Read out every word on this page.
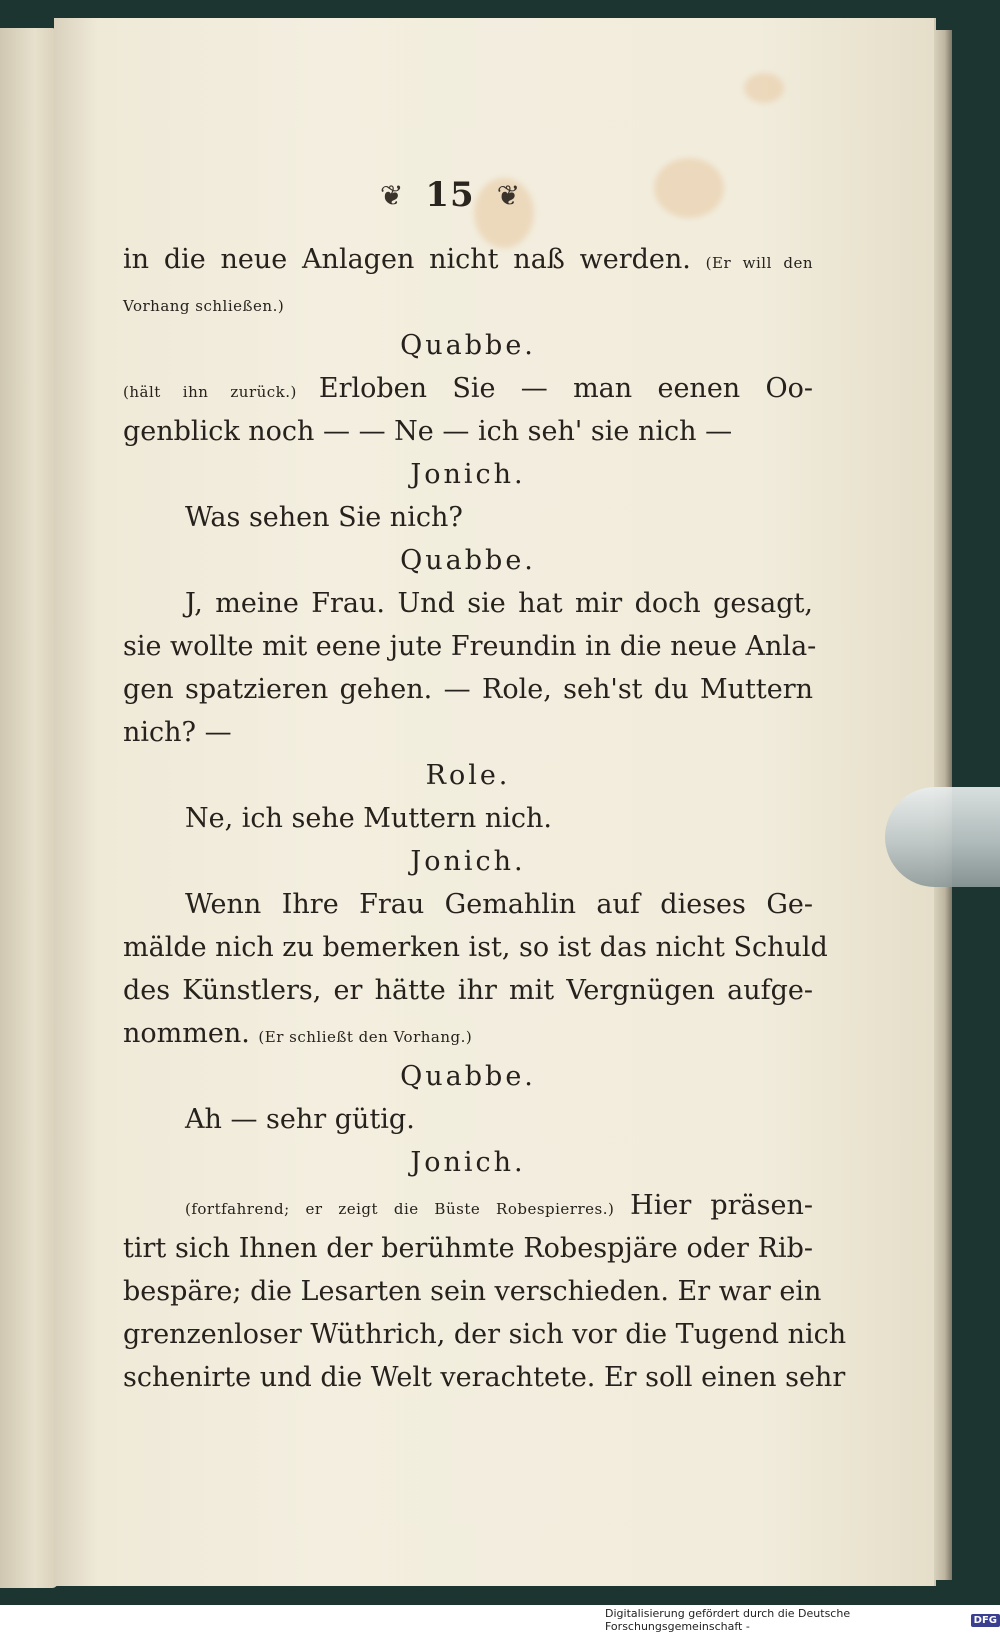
❦ 15 ❦
in die neue Anlagen nicht naß werden. (Er will den
Vorhang schließen.)
Quabbe.
(hält ihn zurück.) Erloben Sie — man eenen Oo-
genblick noch — — Ne — ich seh' sie nich —
Jonich.
Was sehen Sie nich?
Quabbe.
J, meine Frau. Und sie hat mir doch gesagt,
sie wollte mit eene jute Freundin in die neue Anla-
gen spatzieren gehen. — Role, seh'st du Muttern
nich? —
Role.
Ne, ich sehe Muttern nich.
Jonich.
Wenn Ihre Frau Gemahlin auf dieses Ge-
mälde nich zu bemerken ist, so ist das nicht Schuld
des Künstlers, er hätte ihr mit Vergnügen aufge-
nommen. (Er schließt den Vorhang.)
Quabbe.
Ah — sehr gütig.
Jonich.
(fortfahrend; er zeigt die Büste Robespierres.) Hier präsen-
tirt sich Ihnen der berühmte Robespjäre oder Rib-
bespäre; die Lesarten sein verschieden. Er war ein
grenzenloser Wüthrich, der sich vor die Tugend nich
schenirte und die Welt verachtete. Er soll einen sehr
Digitalisierung gefördert durch die Deutsche Forschungsgemeinschaft -	DFG
